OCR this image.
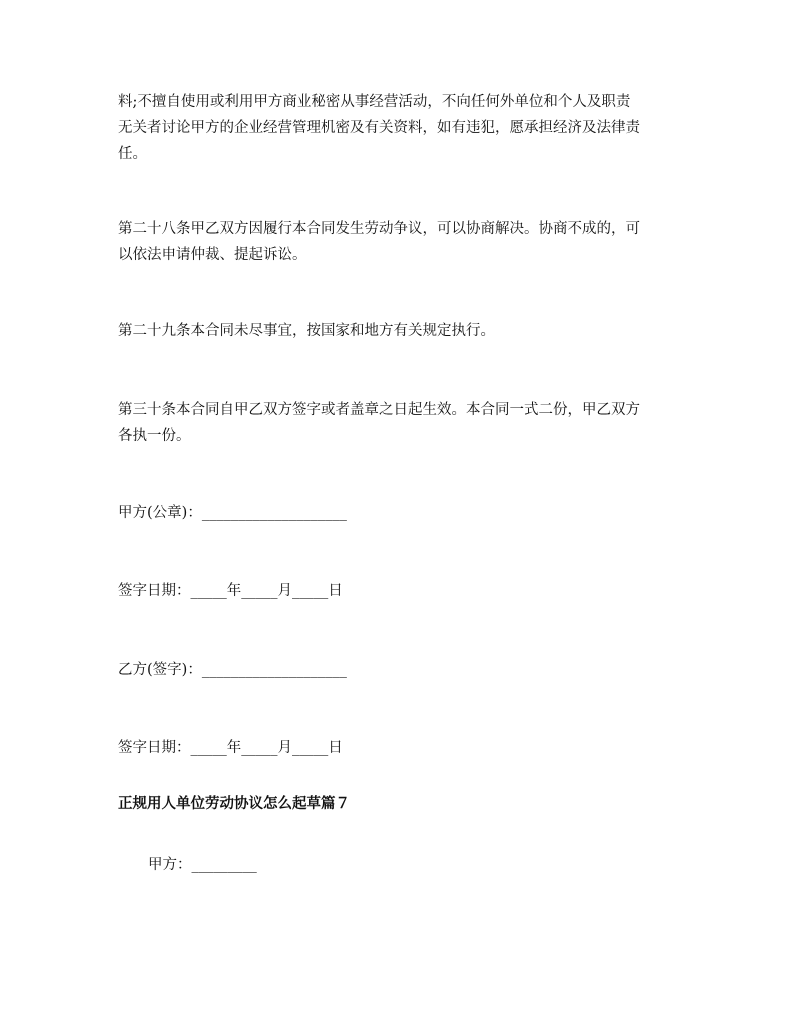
料;不擅自使用或利用甲方商业秘密从事经营活动，不向任何外单位和个人及职责
无关者讨论甲方的企业经营管理机密及有关资料，如有违犯，愿承担经济及法律责
任。

第二十八条甲乙双方因履行本合同发生劳动争议，可以协商解决。协商不成的，可
以依法申请仲裁、提起诉讼。

第二十九条本合同未尽事宜，按国家和地方有关规定执行。

第三十条本合同自甲乙双方签字或者盖章之日起生效。本合同一式二份，甲乙双方
各执一份。

甲方(公章)：____________________

签字日期：_____年_____月_____日

乙方(签字)：____________________

签字日期：_____年_____月_____日

正规用人单位劳动协议怎么起草篇７

甲方：_________
